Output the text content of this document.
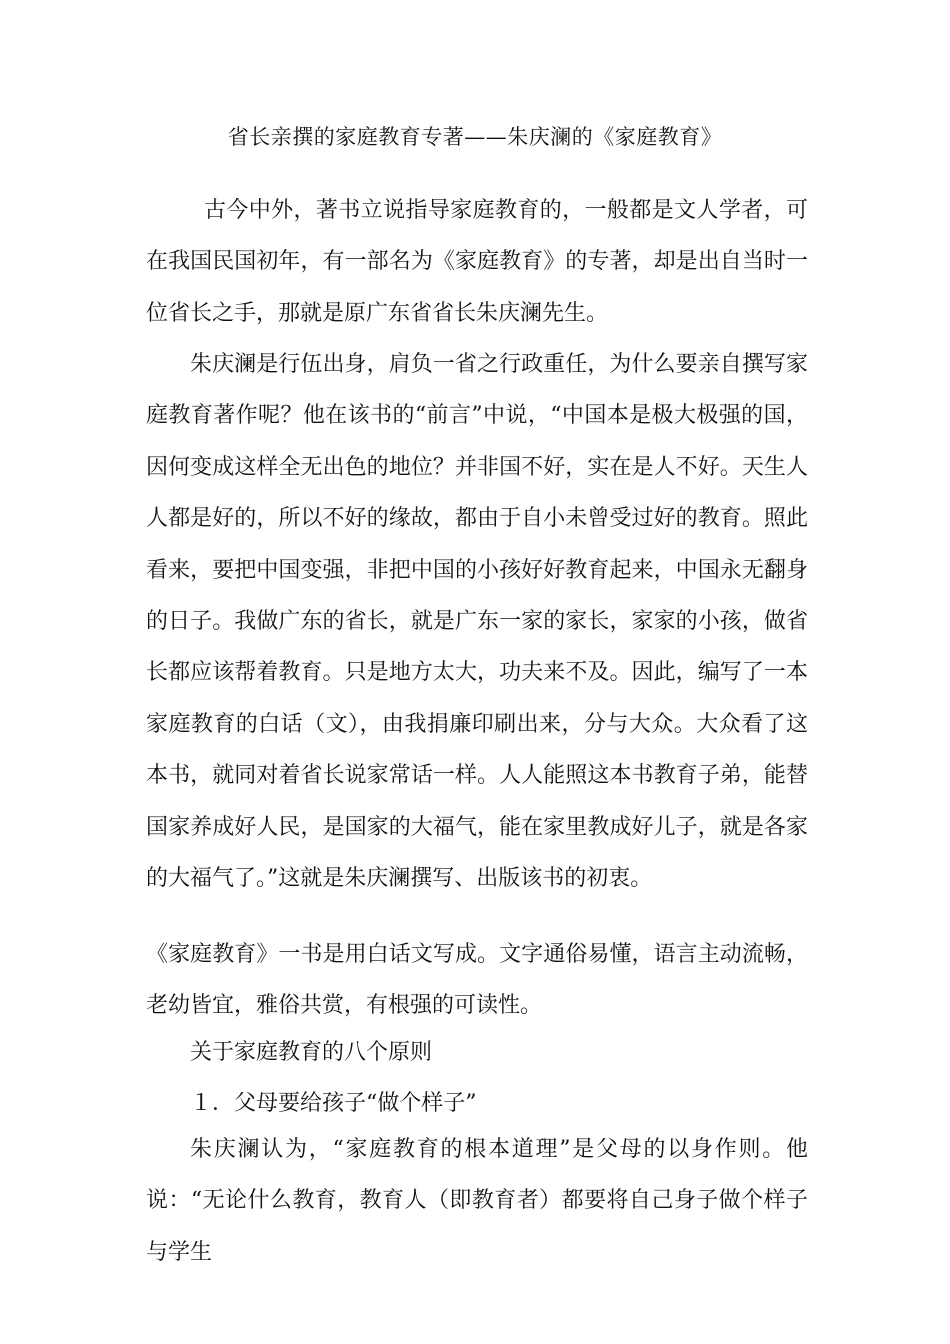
省长亲撰的家庭教育专著——朱庆澜的《家庭教育》

古今中外，著书立说指导家庭教育的，一般都是文人学者，可在我国民国初年，有一部名为《家庭教育》的专著，却是出自当时一位省长之手，那就是原广东省省长朱庆澜先生。

朱庆澜是行伍出身，肩负一省之行政重任，为什么要亲自撰写家庭教育著作呢？他在该书的“前言”中说，“中国本是极大极强的国，因何变成这样全无出色的地位？并非国不好，实在是人不好。天生人人都是好的，所以不好的缘故，都由于自小未曾受过好的教育。照此看来，要把中国变强，非把中国的小孩好好教育起来，中国永无翻身的日子。我做广东的省长，就是广东一家的家长，家家的小孩，做省长都应该帮着教育。只是地方太大，功夫来不及。因此，编写了一本家庭教育的白话（文），由我捐廉印刷出来，分与大众。大众看了这本书，就同对着省长说家常话一样。人人能照这本书教育子弟，能替国家养成好人民，是国家的大福气，能在家里教成好儿子，就是各家的大福气了。”这就是朱庆澜撰写、出版该书的初衷。

《家庭教育》一书是用白话文写成。文字通俗易懂，语言主动流畅，老幼皆宜，雅俗共赏，有根强的可读性。

关于家庭教育的八个原则
１．父母要给孩子“做个样子”

朱庆澜认为，“家庭教育的根本道理”是父母的以身作则。他说：“无论什么教育，教育人（即教育者）都要将自己身子做个样子与学生
